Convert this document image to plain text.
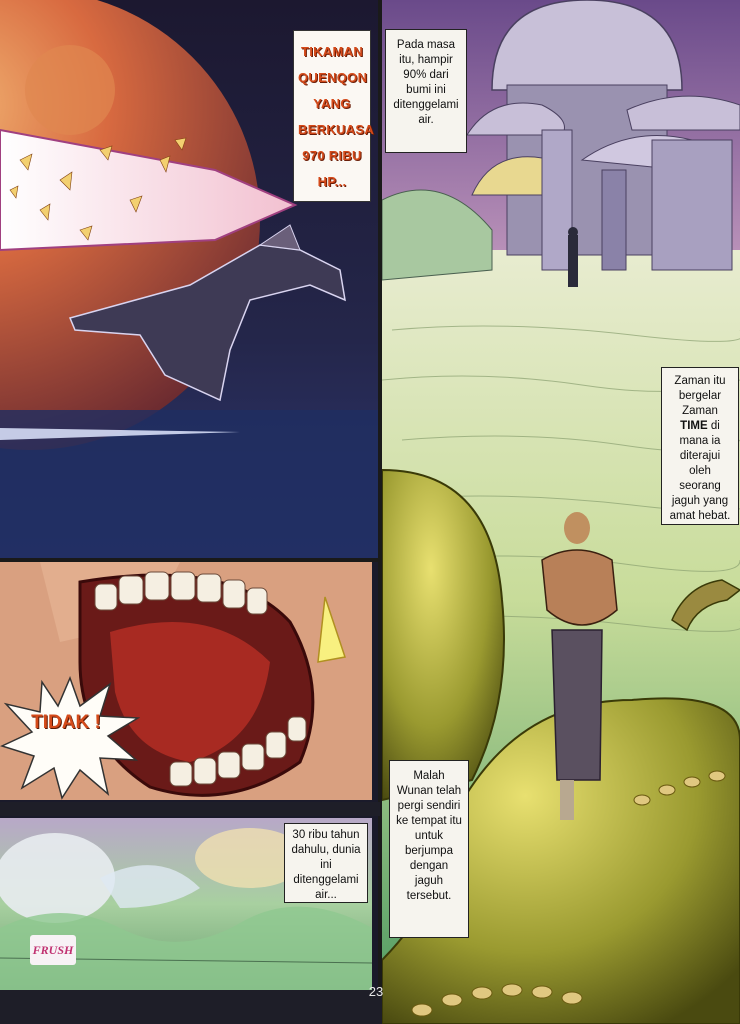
TIKAMAN QUENQON YANG BERKUASA 970 RIBU HP...
TIDAK !
30 ribu tahun dahulu, dunia ini ditenggelami air...
FRUSH
Pada masa itu, hampir 90% dari bumi ini ditenggelami air.
Zaman itu bergelar Zaman TIME di mana ia diterajui oleh seorang jaguh yang amat hebat.
Malah Wunan telah pergi sendiri ke tempat itu untuk berjumpa dengan jaguh tersebut.
23
